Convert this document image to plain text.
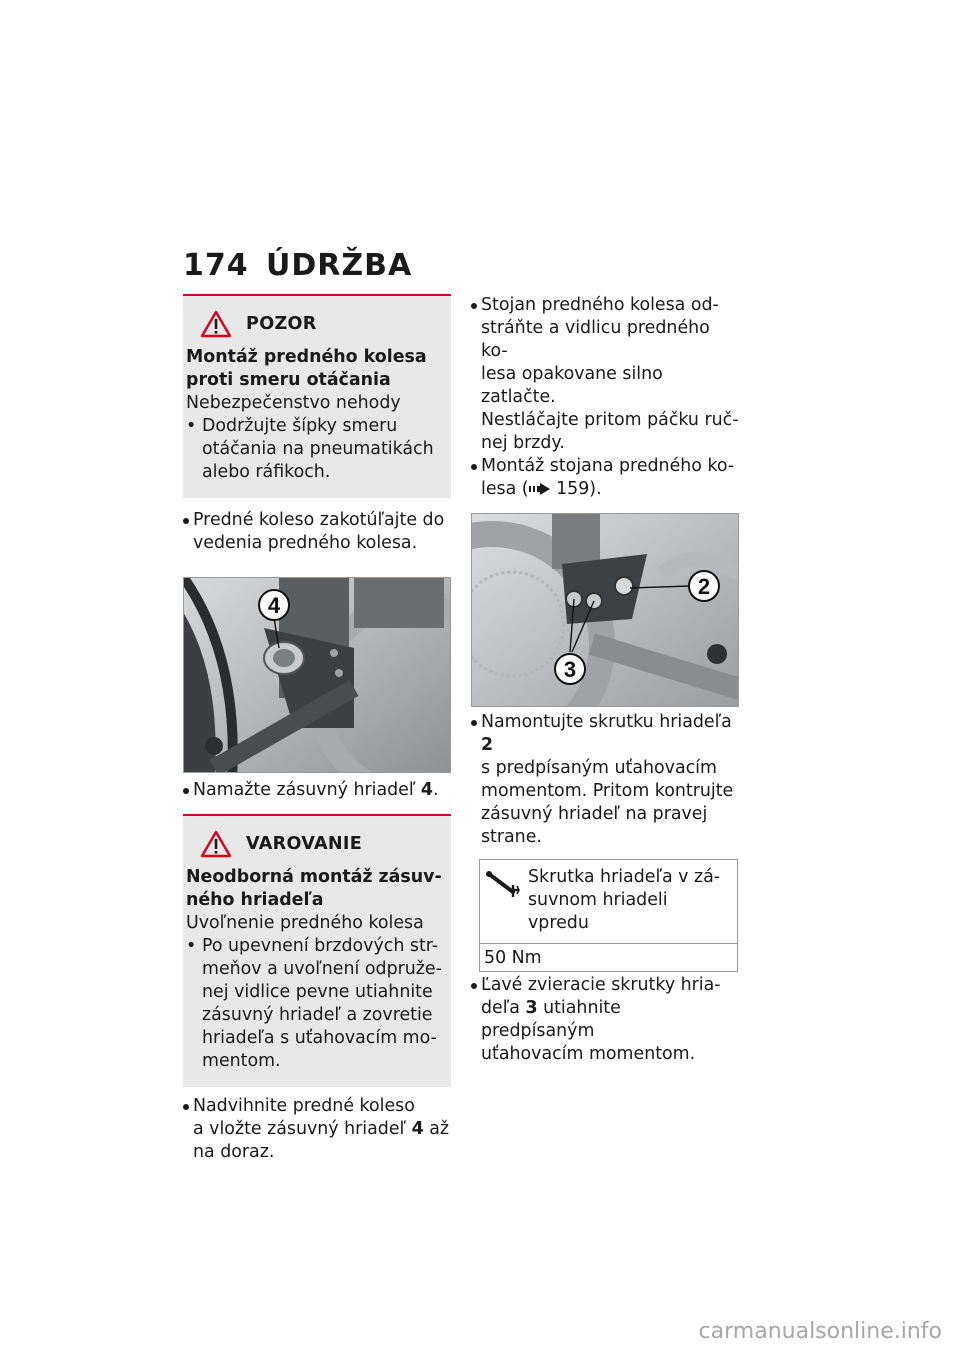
174 ÚDRŽBA
POZOR
Montáž predného kolesa
proti smeru otáčania
Nebezpečenstvo nehody
• Dodržujte šípky smeru
otáčania na pneumatikách
alebo ráfikoch.
Predné koleso zakotúľajte do
vedenia predného kolesa.
4
Namažte zásuvný hriadeľ 4.
VAROVANIE
Neodborná montáž zásuv-
ného hriadeľa
Uvoľnenie predného kolesa
• Po upevnení brzdových str-
meňov a uvoľnení odpruže-
nej vidlice pevne utiahnite
zásuvný hriadeľ a zovretie
hriadeľa s uťahovacím mo-
mentom.
Nadvihnite predné koleso
a vložte zásuvný hriadeľ 4 až
na doraz.
Stojan predného kolesa od-
stráňte a vidlicu predného ko-
lesa opakovane silno zatlačte.
Nestláčajte pritom páčku ruč-
nej brzdy.
Montáž stojana predného ko-
lesa ( 159).
2
3
Namontujte skrutku hriadeľa 2
s predpísaným uťahovacím
momentom. Pritom kontrujte
zásuvný hriadeľ na pravej
strane.
Skrutka hriadeľa v zá-
suvnom hriadeli vpredu
50 Nm
Ľavé zvieracie skrutky hria-
deľa 3 utiahnite predpísaným
uťahovacím momentom.
carmanualsonline.info
